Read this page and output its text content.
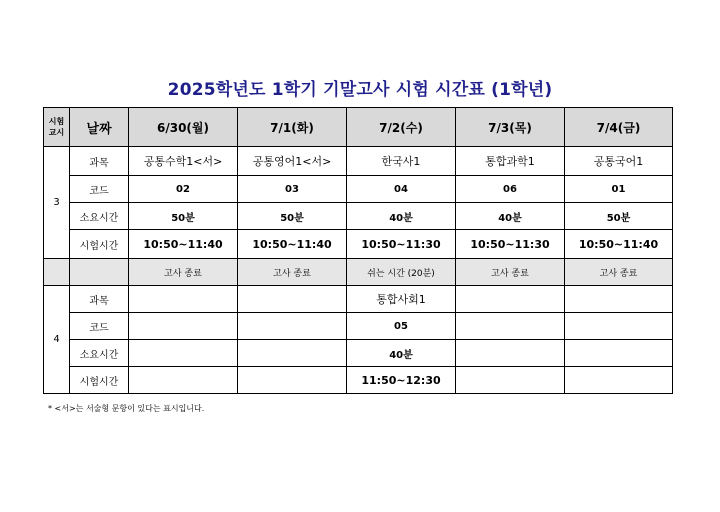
2025학년도 1학기 기말고사 시험 시간표 (1학년)
시험
교시	날짜	6/30(월)	7/1(화)	7/2(수)	7/3(목)	7/4(금)
3	과목	공통수학1<서>	공통영어1<서>	한국사1	통합과학1	공통국어1
	코드	02	03	04	06	01
	소요시간	50분	50분	40분	40분	50분
	시험시간	10:50~11:40	10:50~11:40	10:50~11:30	10:50~11:30	10:50~11:40
		고사 종료	고사 종료	쉬는 시간 (20분)	고사 종료	고사 종료
4	과목			통합사회1		
	코드			05		
	소요시간			40분		
	시험시간			11:50~12:30		
* <서>는 서술형 문항이 있다는 표시입니다.
